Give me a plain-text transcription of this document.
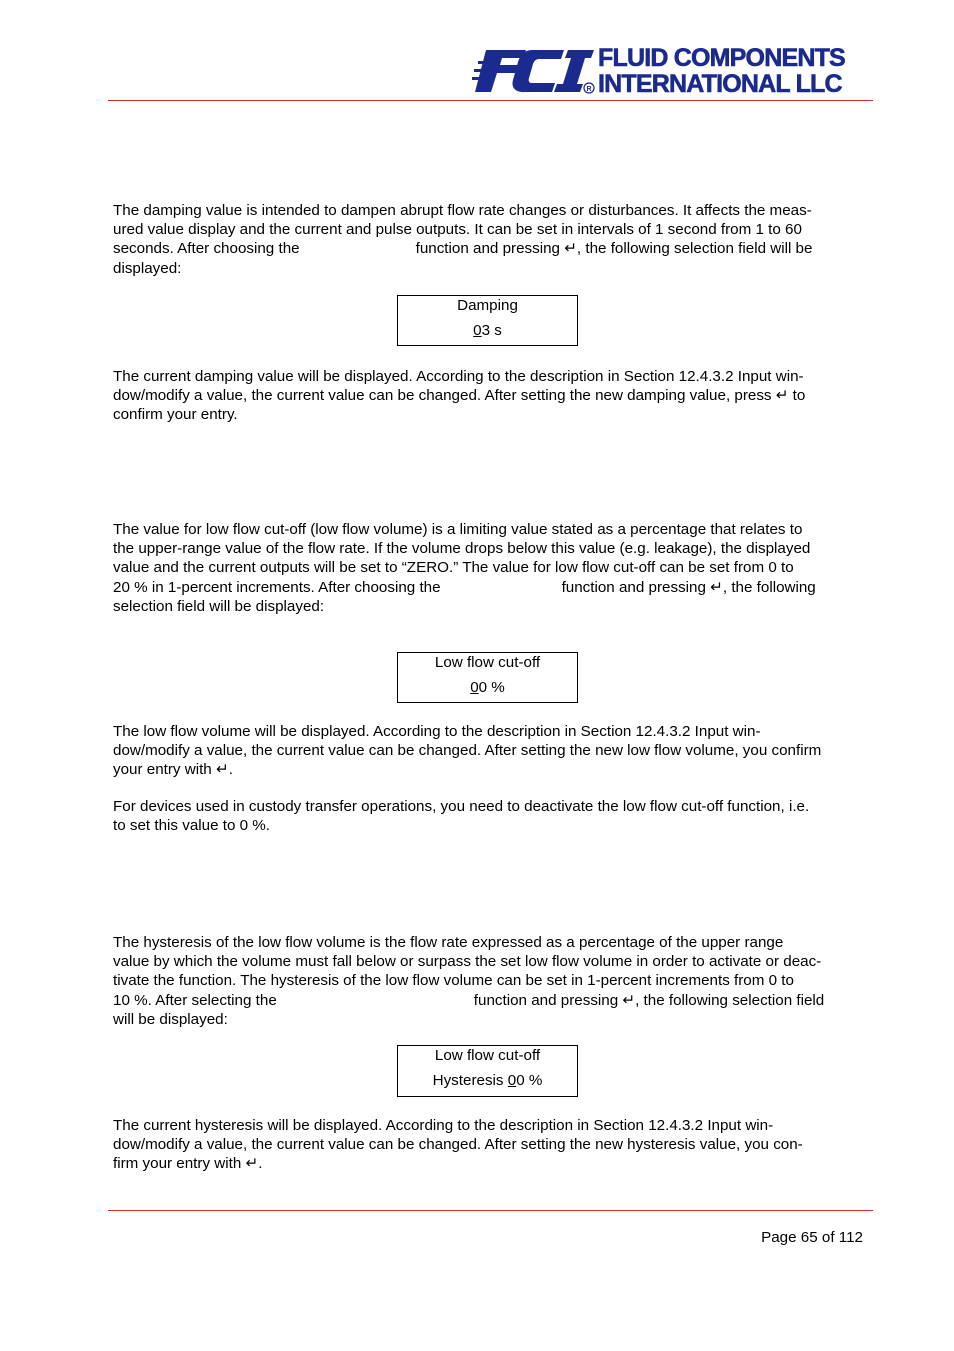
R
FLUID COMPONENTS
INTERNATIONAL LLC
The damping value is intended to dampen abrupt flow rate changes or disturbances. It affects the meas-
ured value display and the current and pulse outputs. It can be set in intervals of 1 second from 1 to 60
seconds. After choosing the	function and pressing ↵, the following selection field will be
displayed:
Damping
03 s
The current damping value will be displayed. According to the description in Section 12.4.3.2 Input win-
dow/modify a value, the current value can be changed. After setting the new damping value, press ↵ to
confirm your entry.
The value for low flow cut-off (low flow volume) is a limiting value stated as a percentage that relates to
the upper-range value of the flow rate. If the volume drops below this value (e.g. leakage), the displayed
value and the current outputs will be set to “ZERO.” The value for low flow cut-off can be set from 0 to
20 % in 1-percent increments. After choosing the	function and pressing ↵, the following
selection field will be displayed:
Low flow cut-off
00 %
The low flow volume will be displayed. According to the description in Section 12.4.3.2 Input win-
dow/modify a value, the current value can be changed. After setting the new low flow volume, you confirm
your entry with ↵.
For devices used in custody transfer operations, you need to deactivate the low flow cut-off function, i.e.
to set this value to 0 %.
The hysteresis of the low flow volume is the flow rate expressed as a percentage of the upper range
value by which the volume must fall below or surpass the set low flow volume in order to activate or deac-
tivate the function. The hysteresis of the low flow volume can be set in 1-percent increments from 0 to
10 %. After selecting the	function and pressing ↵, the following selection field
will be displayed:
Low flow cut-off
Hysteresis 00 %
The current hysteresis will be displayed. According to the description in Section 12.4.3.2 Input win-
dow/modify a value, the current value can be changed. After setting the new hysteresis value, you con-
firm your entry with ↵.
Page 65 of 112
